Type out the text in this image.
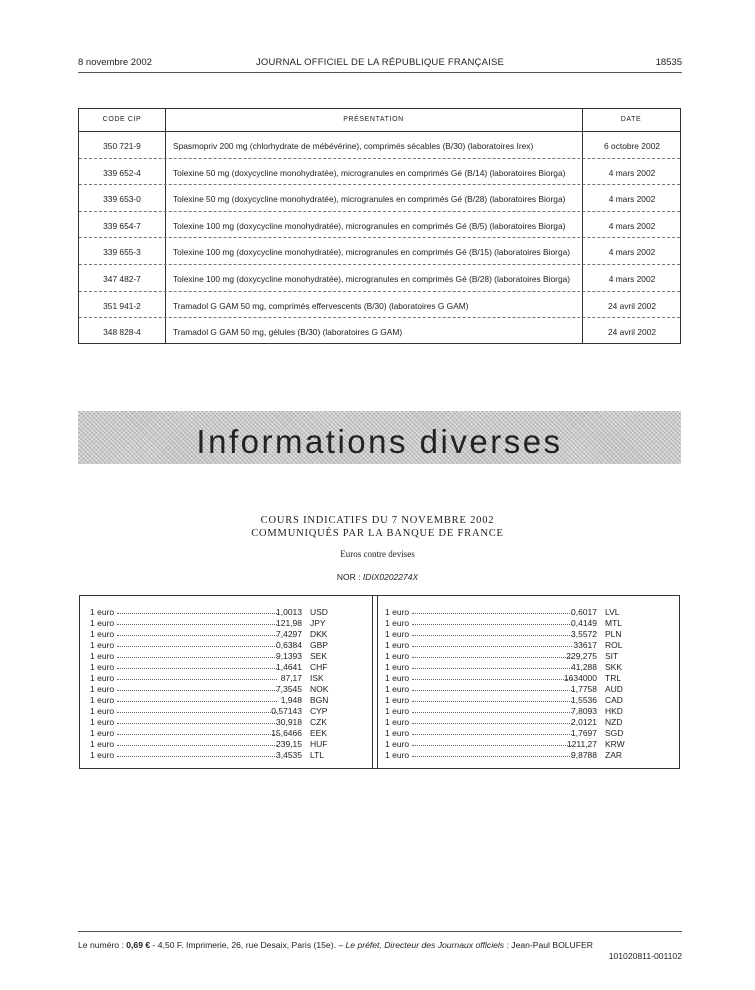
8 novembre 2002	JOURNAL OFFICIEL DE LA RÉPUBLIQUE FRANÇAISE	18535
CODE CIP	PRÉSENTATION	DATE
350 721-9	Spasmopriv 200 mg (chlorhydrate de mébévérine), comprimés sécables (B/30) (laboratoires Irex)	6 octobre 2002
339 652-4	Tolexine 50 mg (doxycycline monohydratée), microgranules en comprimés Gé (B/14) (laboratoires Biorga)	4 mars 2002
339 653-0	Tolexine 50 mg (doxycycline monohydratée), microgranules en comprimés Gé (B/28) (laboratoires Biorga)	4 mars 2002
339 654-7	Tolexine 100 mg (doxycycline monohydratée), microgranules en comprimés Gé (B/5) (laboratoires Biorga)	4 mars 2002
339 655-3	Tolexine 100 mg (doxycycline monohydratée), microgranules en comprimés Gé (B/15) (laboratoires Biorga)	4 mars 2002
347 482-7	Tolexine 100 mg (doxycycline monohydratée), microgranules en comprimés Gé (B/28) (laboratoires Biorga)	4 mars 2002
351 941-2	Tramadol G GAM 50 mg, comprimés effervescents (B/30) (laboratoires G GAM)	24 avril 2002
348 828-4	Tramadol G GAM 50 mg, gélules (B/30) (laboratoires G GAM)	24 avril 2002
Informations diverses
COURS INDICATIFS DU 7 NOVEMBRE 2002
COMMUNIQUÉS PAR LA BANQUE DE FRANCE
Euros contre devises
NOR : IDIX0202274X
1 euro	1,0013 USD
1 euro	121,98 JPY
1 euro	7,4297 DKK
1 euro	0,6384 GBP
1 euro	9,1393 SEK
1 euro	1,4641 CHF
1 euro	87,17 ISK
1 euro	7,3545 NOK
1 euro	1,948 BGN
1 euro	0,57143 CYP
1 euro	30,918 CZK
1 euro	15,6466 EEK
1 euro	239,15 HUF
1 euro	3,4535 LTL
1 euro	0,6017 LVL
1 euro	0,4149 MTL
1 euro	3,5572 PLN
1 euro	33617 ROL
1 euro	229,275 SIT
1 euro	41,288 SKK
1 euro	1634000 TRL
1 euro	1,7758 AUD
1 euro	1,5536 CAD
1 euro	7,8093 HKD
1 euro	2,0121 NZD
1 euro	1,7697 SGD
1 euro	1211,27 KRW
1 euro	9,8788 ZAR
Le numéro : 0,69 € - 4,50 F. Imprimerie, 26, rue Desaix, Paris (15e). – Le préfet, Directeur des Journaux officiels : Jean-Paul BOLUFER
101020811-001102
